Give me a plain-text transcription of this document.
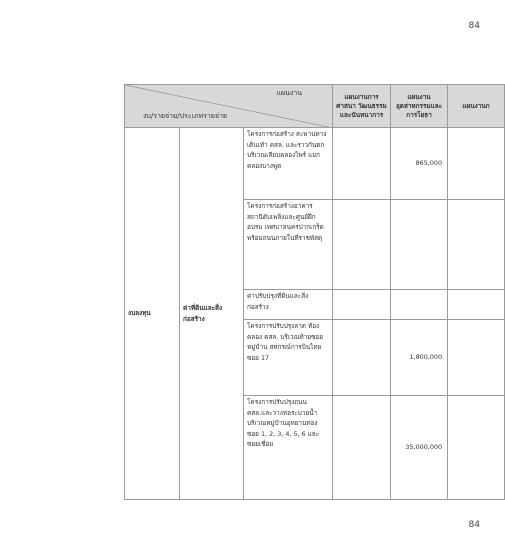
84
แผนงาน
งบ/รายจ่าย/ประเภทรายจ่าย			แผนงานการศาสนา วัฒนธรรม และนันทนาการ	แผนงาน อุตสาหกรรมและการโยธา	แผนงานก
งบลงทุน	ค่าที่ดินและสิ่งก่อสร้าง	โครงการก่อสร้าง สะพานทางเดินเท้า คสล. และราวกันตก บริเวณเลียบคลองไพร์ แยกคลองบางพูด		865,000	
		โครงการก่อสร้างอาคาร สถานีดับเพลิงและศูนย์ฝึกอบรม เทศบาลนครปากเกร็ด พร้อมถนนภายในที่ราชพัสดุ			
		ค่าปรับปรุงที่ดินและสิ่งก่อสร้าง			
		โครงการปรับปรุงลาด ท้องคลอง คสล. บริเวณท้ายซอยหมู่บ้าน สหกรณ์การบินไทย ซอย 17		1,800,000	
		โครงการปรับปรุงถนน คสล.และวางท่อระบายน้ำ บริเวณหมู่บ้านอุทยานทอง ซอย 1, 2, 3, 4, 5, 6 และซอยเชื่อม		35,000,000	
84
